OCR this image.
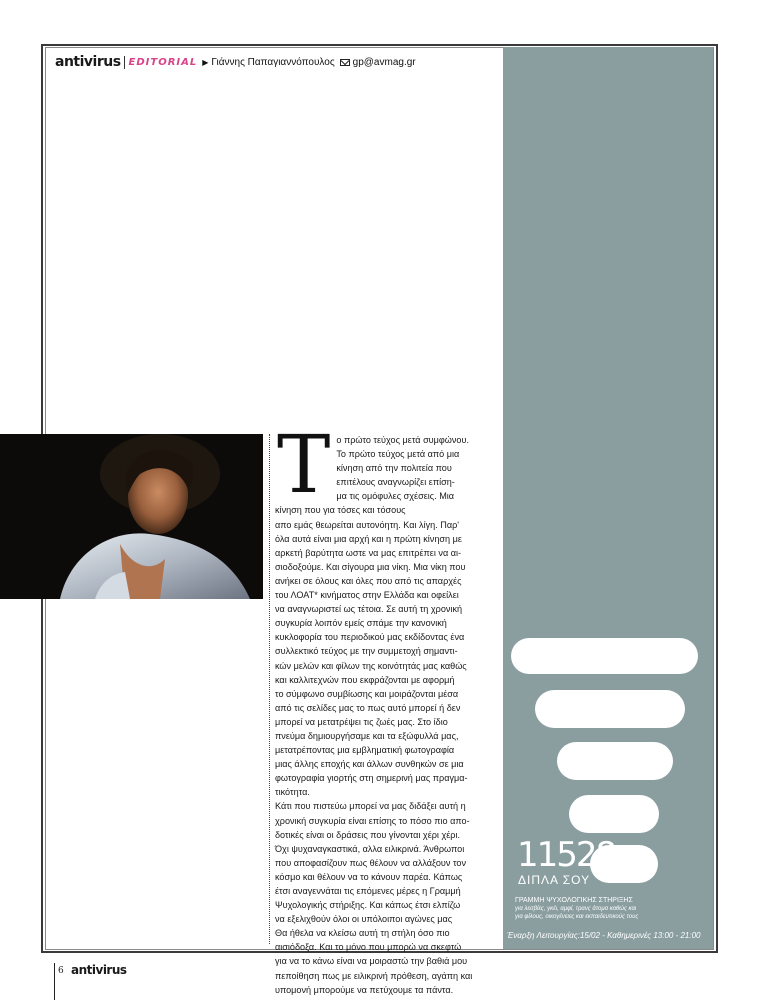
antivirus EDITORIAL ▶ Γιάννης Παπαγιαννόπουλος gp@avmag.gr
Τ ο πρώτο τεύχος μετά συμφώνου.
Το πρώτο τεύχος μετά από μια
κίνηση από την πολιτεία που
επιτέλους αναγνωρίζει επίση-
μα τις ομόφυλες σχέσεις. Μια
κίνηση που για τόσες και τόσους
απο εμάς θεωρείται αυτονόητη. Και λίγη. Παρ'
όλα αυτά είναι μια αρχή και η πρώτη κίνηση με
αρκετή βαρύτητα ωστε να μας επιτρέπει να αι-
σιοδοξούμε. Και σίγουρα μια νίκη. Μια νίκη που
ανήκει σε όλους και όλες που από τις απαρχές
του ΛΟΑΤ* κινήματος στην Ελλάδα και οφείλει
να αναγνωριστεί ως τέτοια. Σε αυτή τη χρονική
συγκυρία λοιπόν εμείς σπάμε την κανονική
κυκλοφορία του περιοδικού μας εκδίδοντας ένα
συλλεκτικό τεύχος με την συμμετοχή σημαντι-
κών μελών και φίλων της κοινότητάς μας καθώς
και καλλιτεχνών που εκφράζονται με αφορμή
το σύμφωνο συμβίωσης και μοιράζονται μέσα
από τις σελίδες μας το πως αυτό μπορεί ή δεν
μπορεί να μετατρέψει τις ζωές μας. Στο ίδιο
πνεύμα δημιουργήσαμε και τα εξώφυλλά μας,
μετατρέποντας μια εμβληματική φωτογραφία
μιας άλλης εποχής και άλλων συνθηκών σε μια
φωτογραφία γιορτής στη σημερινή μας πραγμα-
τικότητα.
Κάτι που πιστεύω μπορεί να μας διδάξει αυτή η
χρονική συγκυρία είναι επίσης το πόσο πιο απο-
δοτικές είναι οι δράσεις που γίνονται χέρι χέρι.
Όχι ψυχαναγκαστικά, αλλα ειλικρινά. Άνθρωποι
που αποφασίζουν πως θέλουν να αλλάξουν τον
κόσμο και θέλουν να το κάνουν παρέα. Κάπως
έτσι αναγεννάται τις επόμενες μέρες η Γραμμή
Ψυχολογικής στήριξης. Και κάπως έτσι ελπίζω
να εξελιχθούν όλοι οι υπόλοιποι αγώνες μας
Θα ήθελα να κλείσω αυτή τη στήλη όσο πιο
αισιόδοξα. Και το μόνο που μπορώ να σκεφτώ
για να το κάνω είναι να μοιραστώ την βαθιά μου
πεποίθηση πως με ειλικρινή πρόθεση, αγάπη και
υπομονή μπορούμε να πετύχουμε τα πάντα.

11528
ΔΙΠΛΑ ΣΟΥ
ΓΡΑΜΜΗ ΨΥΧΟΛΟΓΙΚΗΣ ΣΤΗΡΙΞΗΣ
για λεσβίες, γκέι, αμφί, τρανς άτομα καθώς και
για φίλους, οικογένειες και εκπαιδευτικούς τους
Έναρξη Λειτουργίας:15/02 - Καθημερινές 13:00 - 21:00
6 antivirus
